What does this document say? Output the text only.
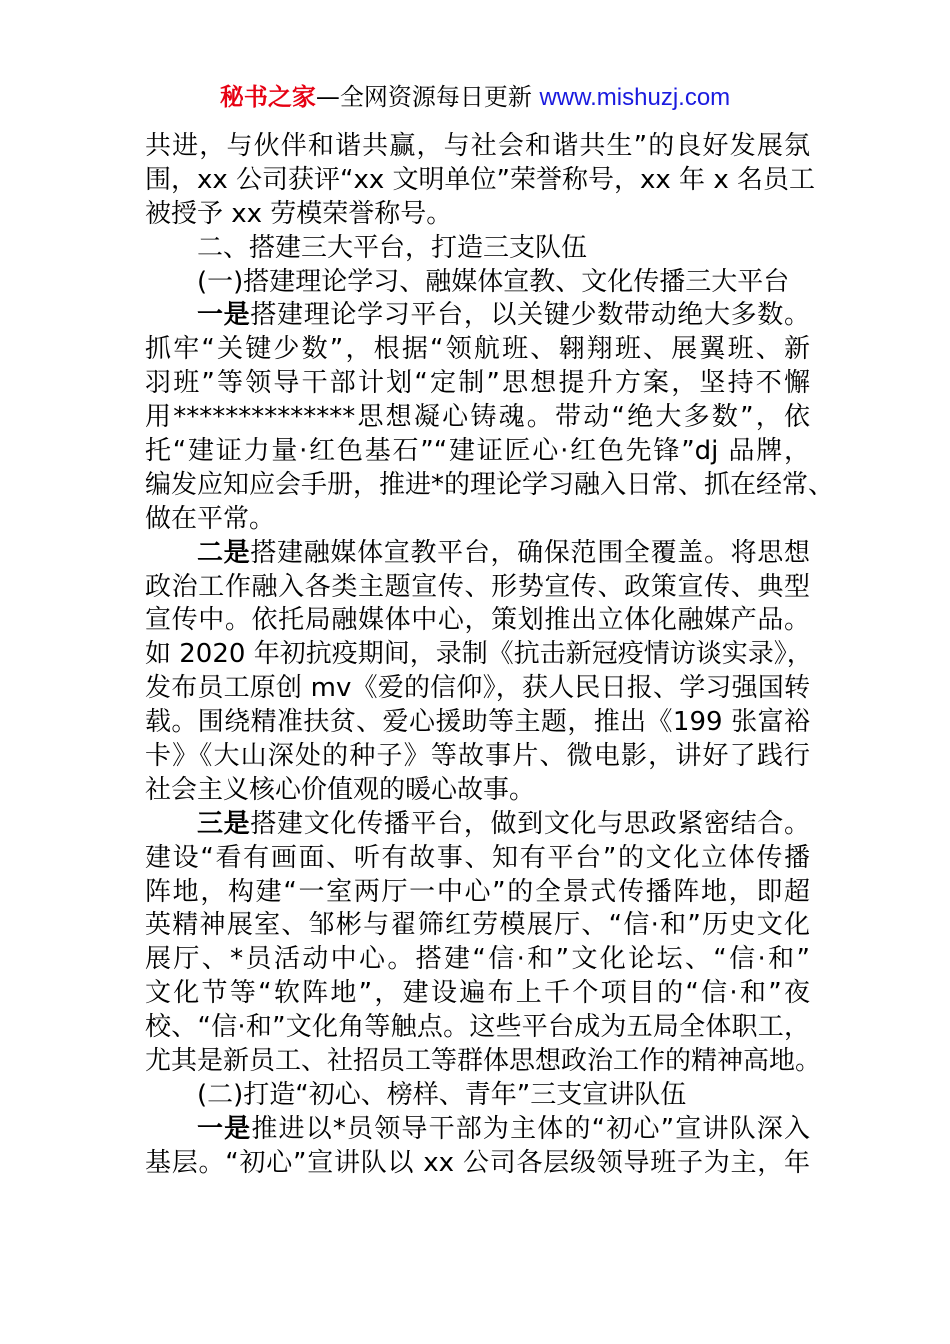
秘书之家—全网资源每日更新 www.mishuzj.com
共进，与伙伴和谐共赢，与社会和谐共生”的良好发展氛
围，xx 公司获评“xx 文明单位”荣誉称号，xx 年 x 名员工
被授予 xx 劳模荣誉称号。
二、搭建三大平台，打造三支队伍
(一)搭建理论学习、融媒体宣教、文化传播三大平台
一是搭建理论学习平台，以关键少数带动绝大多数。
抓牢“关键少数”，根据“领航班、翱翔班、展翼班、新
羽班”等领导干部计划“定制”思想提升方案，坚持不懈
用**************思想凝心铸魂。带动“绝大多数”，依
托“建证力量·红色基石”“建证匠心·红色先锋”dj 品牌，
编发应知应会手册，推进*的理论学习融入日常、抓在经常、
做在平常。
二是搭建融媒体宣教平台，确保范围全覆盖。将思想
政治工作融入各类主题宣传、形势宣传、政策宣传、典型
宣传中。依托局融媒体中心，策划推出立体化融媒产品。
如 2020 年初抗疫期间，录制《抗击新冠疫情访谈实录》，
发布员工原创 mv《爱的信仰》，获人民日报、学习强国转
载。围绕精准扶贫、爱心援助等主题，推出《199 张富裕
卡》《大山深处的种子》等故事片、微电影，讲好了践行
社会主义核心价值观的暖心故事。
三是搭建文化传播平台，做到文化与思政紧密结合。
建设“看有画面、听有故事、知有平台”的文化立体传播
阵地，构建“一室两厅一中心”的全景式传播阵地，即超
英精神展室、邹彬与翟筛红劳模展厅、“信·和”历史文化
展厅、*员活动中心。搭建“信·和”文化论坛、“信·和”
文化节等“软阵地”，建设遍布上千个项目的“信·和”夜
校、“信·和”文化角等触点。这些平台成为五局全体职工，
尤其是新员工、社招员工等群体思想政治工作的精神高地。
(二)打造“初心、榜样、青年”三支宣讲队伍
一是推进以*员领导干部为主体的“初心”宣讲队深入
基层。“初心”宣讲队以 xx 公司各层级领导班子为主，年
